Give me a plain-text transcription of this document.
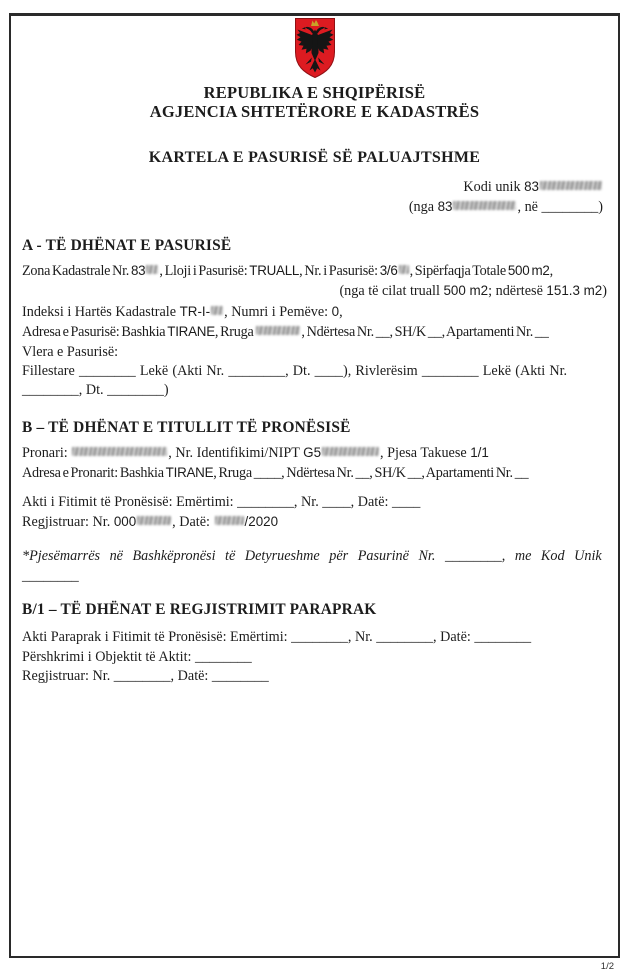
REPUBLIKA E SHQIPËRISË
AGJENCIA SHTETËRORE E KADASTRËS
KARTELA E PASURISË SË PALUAJTSHME
Kodi unik 83
(nga 83	, në ________)
A - TË DHËNAT E PASURISË
Zona Kadastrale Nr. 83 , Lloji i Pasurisë: TRUALL, Nr. i Pasurisë: 3/6 , Sipërfaqja Totale 500 m2,
(nga të cilat truall 500 m2; ndërtesë 151.3 m2)
Indeksi i Hartës Kadastrale TR-I- , Numri i Pemëve: 0,
Adresa e Pasurisë: Bashkia TIRANE, Rruga	, Ndërtesa Nr. __, SH/K __, Apartamenti Nr. __
Vlera e Pasurisë:
Fillestare ________ Lekë (Akti Nr. ________, Dt. ____), Rivlerësim ________ Lekë (Akti Nr.
________, Dt. ________)
B – TË DHËNAT E TITULLIT TË PRONËSISË
Pronari:	, Nr. Identifikimi/NIPT G5	, Pjesa Takuese 1/1
Adresa e Pronarit: Bashkia TIRANE, Rruga ____, Ndërtesa Nr. __, SH/K __, Apartamenti Nr. __
Akti i Fitimit të Pronësisë: Emërtimi: ________, Nr. ____, Datë: ____
Regjistruar: Nr. 000	, Datë: /2020
*Pjesëmarrës në Bashkëpronësi të Detyrueshme për Pasurinë Nr. ________, me Kod Unik
________
B/1 – TË DHËNAT E REGJISTRIMIT PARAPRAK
Akti Paraprak i Fitimit të Pronësisë: Emërtimi: ________, Nr. ________, Datë: ________
Përshkrimi i Objektit të Aktit: ________
Regjistruar: Nr. ________, Datë: ________
1/2
